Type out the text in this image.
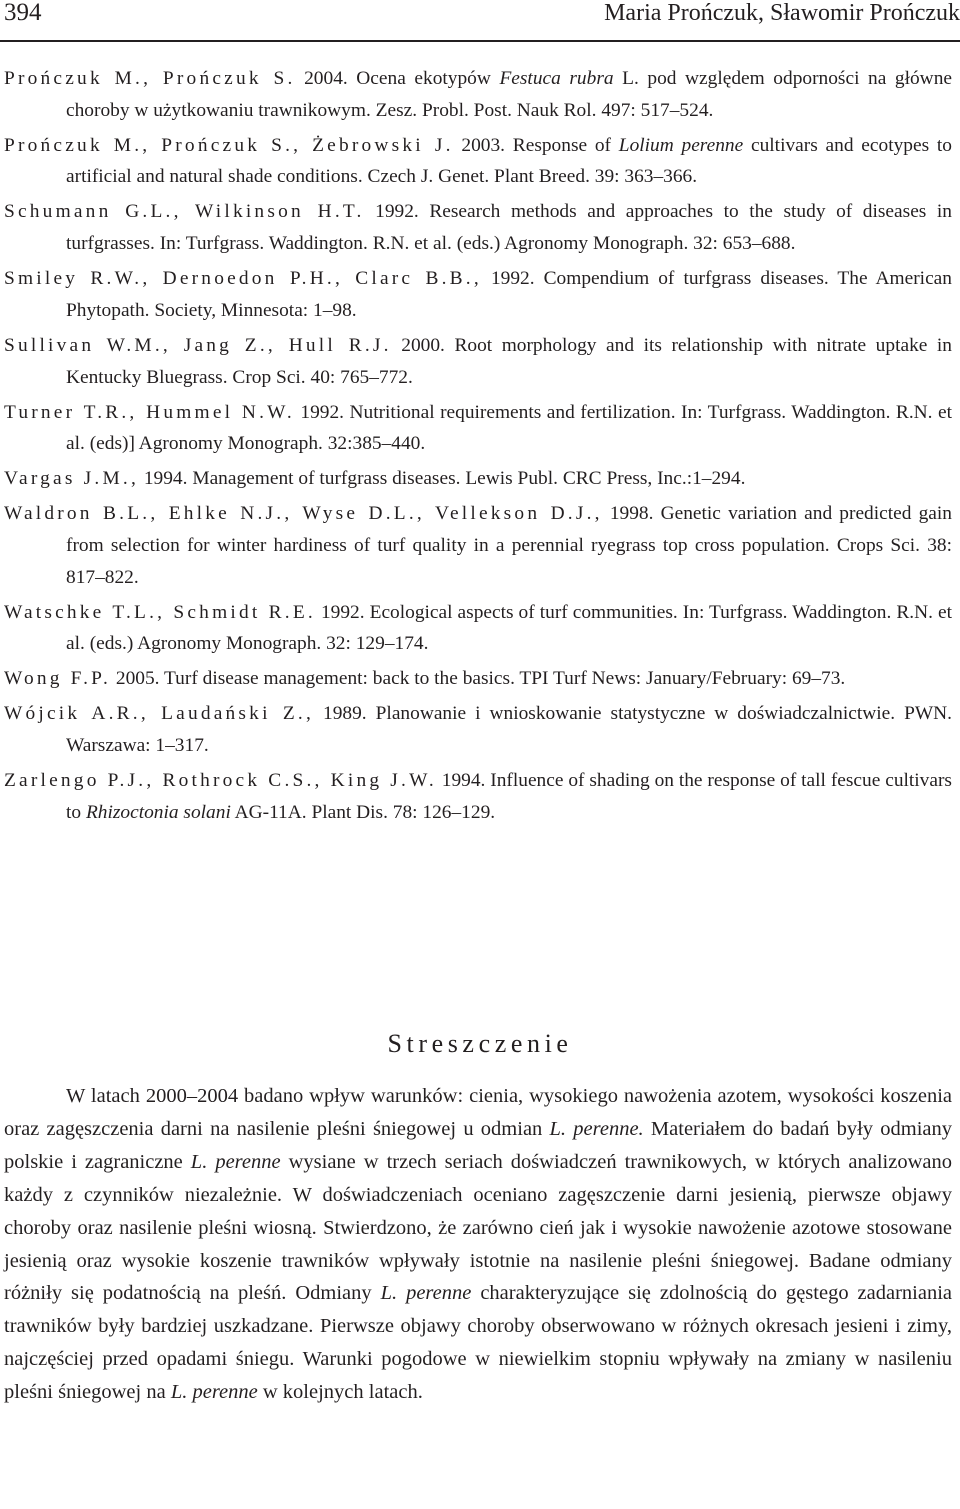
394	Maria Prończuk, Sławomir Prończuk
Prończuk M., Prończuk S. 2004. Ocena ekotypów Festuca rubra L. pod względem odporności na główne choroby w użytkowaniu trawnikowym. Zesz. Probl. Post. Nauk Rol. 497: 517–524.
Prończuk M., Prończuk S., Żebrowski J. 2003. Response of Lolium perenne cultivars and ecotypes to artificial and natural shade conditions. Czech J. Genet. Plant Breed. 39: 363–366.
Schumann G.L., Wilkinson H.T. 1992. Research methods and approaches to the study of diseases in turfgrasses. In: Turfgrass. Waddington. R.N. et al. (eds.) Agronomy Monograph. 32: 653–688.
Smiley R.W., Dernoedon P.H., Clarc B.B., 1992. Compendium of turfgrass diseases. The American Phytopath. Society, Minnesota: 1–98.
Sullivan W.M., Jang Z., Hull R.J. 2000. Root morphology and its relationship with nitrate uptake in Kentucky Bluegrass. Crop Sci. 40: 765–772.
Turner T.R., Hummel N.W. 1992. Nutritional requirements and fertilization. In: Turfgrass. Waddington. R.N. et al. (eds)] Agronomy Monograph. 32:385–440.
Vargas J.M., 1994. Management of turfgrass diseases. Lewis Publ. CRC Press, Inc.:1–294.
Waldron B.L., Ehlke N.J., Wyse D.L., Vellekson D.J., 1998. Genetic variation and predicted gain from selection for winter hardiness of turf quality in a perennial ryegrass top cross population. Crops Sci. 38: 817–822.
Watschke T.L., Schmidt R.E. 1992. Ecological aspects of turf communities. In: Turfgrass. Waddington. R.N. et al. (eds.) Agronomy Monograph. 32: 129–174.
Wong F.P. 2005. Turf disease management: back to the basics. TPI Turf News: January/February: 69–73.
Wójcik A.R., Laudański Z., 1989. Planowanie i wnioskowanie statystyczne w doświadczalnictwie. PWN. Warszawa: 1–317.
Zarlengo P.J., Rothrock C.S., King J.W. 1994. Influence of shading on the response of tall fescue cultivars to Rhizoctonia solani AG-11A. Plant Dis. 78: 126–129.
Streszczenie

W latach 2000–2004 badano wpływ warunków: cienia, wysokiego nawożenia azotem, wysokości koszenia oraz zagęszczenia darni na nasilenie pleśni śniegowej u odmian L. perenne. Materiałem do badań były odmiany polskie i zagraniczne L. perenne wysiane w trzech seriach doświadczeń trawnikowych, w których analizowano każdy z czynników niezależnie. W doświadczeniach oceniano zagęszczenie darni jesienią, pierwsze objawy choroby oraz nasilenie pleśni wiosną. Stwierdzono, że zarówno cień jak i wysokie nawożenie azotowe stosowane jesienią oraz wysokie koszenie trawników wpływały istotnie na nasilenie pleśni śniegowej. Badane odmiany różniły się podatnością na pleśń. Odmiany L. perenne charakteryzujące się zdolnością do gęstego zadarniania trawników były bardziej uszkadzane. Pierwsze objawy choroby obserwowano w różnych okresach jesieni i zimy, najczęściej przed opadami śniegu. Warunki pogodowe w niewielkim stopniu wpływały na zmiany w nasileniu pleśni śniegowej na L. perenne w kolejnych latach.
